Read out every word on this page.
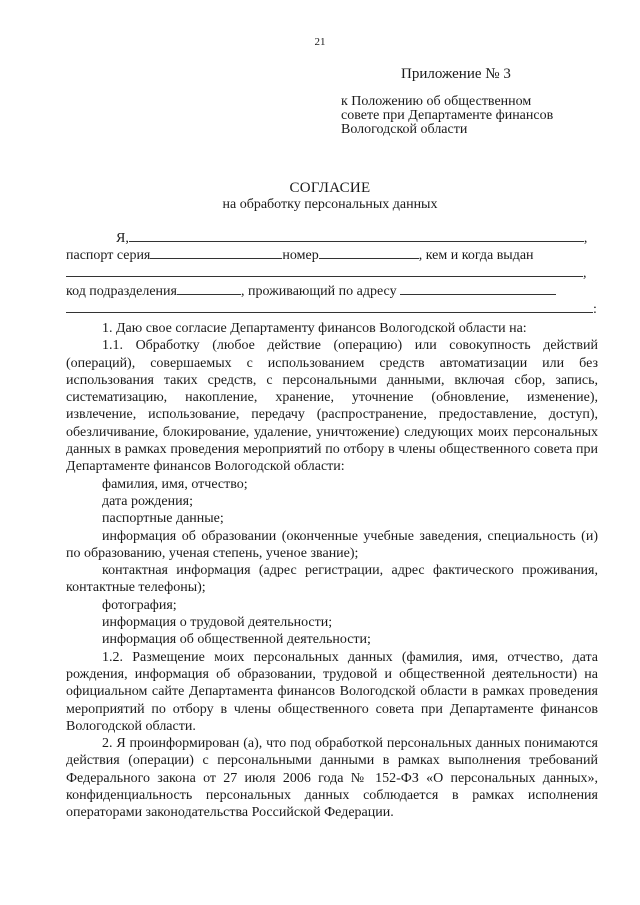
21
Приложение № 3
к Положению об общественном
совете при Департаменте финансов
Вологодской области
СОГЛАСИЕ
на обработку персональных данных
Я,	,
паспорт серия	номер	, кем и когда выдан
,
код подразделения	, проживающий по адресу
:

1. Даю свое согласие Департаменту финансов Вологодской области на:

1.1. Обработку (любое действие (операцию) или совокупность действий (операций), совершаемых с использованием средств автоматизации или без использования таких средств, с персональными данными, включая сбор, запись, систематизацию, накопление, хранение, уточнение (обновление, изменение), извлечение, использование, передачу (распространение, предоставление, доступ), обезличивание, блокирование, удаление, уничтожение) следующих моих персональных данных в рамках проведения мероприятий по отбору в члены общественного совета при Департаменте финансов Вологодской области:

фамилия, имя, отчество;

дата рождения;

паспортные данные;

информация об образовании (оконченные учебные заведения, специальность (и) по образованию, ученая степень, ученое звание);

контактная информация (адрес регистрации, адрес фактического проживания, контактные телефоны);

фотография;

информация о трудовой деятельности;

информация об общественной деятельности;

1.2. Размещение моих персональных данных (фамилия, имя, отчество, дата рождения, информация об образовании, трудовой и общественной деятельности) на официальном сайте Департамента финансов Вологодской области в рамках проведения мероприятий по отбору в члены общественного совета при Департаменте финансов Вологодской области.

2. Я проинформирован (а), что под обработкой персональных данных понимаются действия (операции) с персональными данными в рамках выполнения требований Федерального закона от 27 июля 2006 года № 152-ФЗ «О персональных данных», конфиденциальность персональных данных соблюдается в рамках исполнения операторами законодательства Российской Федерации.
